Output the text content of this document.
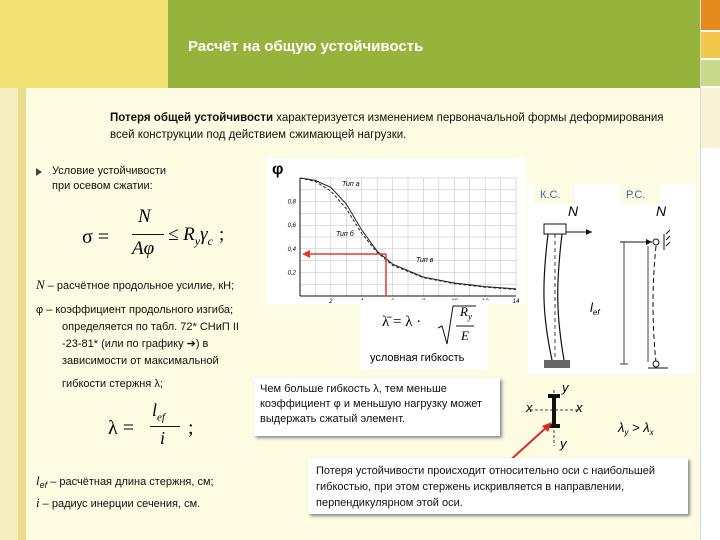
Расчёт на общую устойчивость
Потеря общей устойчивости характеризуется изменением первоначальной формы деформирования всей конструкции под действием сжимающей нагрузки.
Условие устойчивости
при осевом сжатии:
σ =
N
Aφ
≤ $R_y\gamma_c$ ;
N – расчётное продольное усилие, кН;
φ – коэффициент продольного изгиба;
определяется по табл. 72* СНиП II
-23-81* (или по графику ➔) в
зависимости от максимальной
гибкости стержня λ;
λ =
$l_{ef}$
i ;
$l_{ef}$ – расчётная длина стержня, см;
i – радиус инерции сечения, см.
φ
0,8
0,6
0,4
0,2
2	14
Тип а
Тип б
Тип в
λ̄ = λ ·
$R_y$
E
условная гибкость
К.С.	Р.С.
N	N
$l_{ef}$
y
y
x	x
$\lambda_y > \lambda_x$
Чем больше гибкость λ, тем меньше коэффициент φ и меньшую нагрузку может выдержать сжатый элемент.
Потеря устойчивости происходит относительно оси с наибольшей гибкостью, при этом стержень искривляется в направлении, перпендикулярном этой оси.
